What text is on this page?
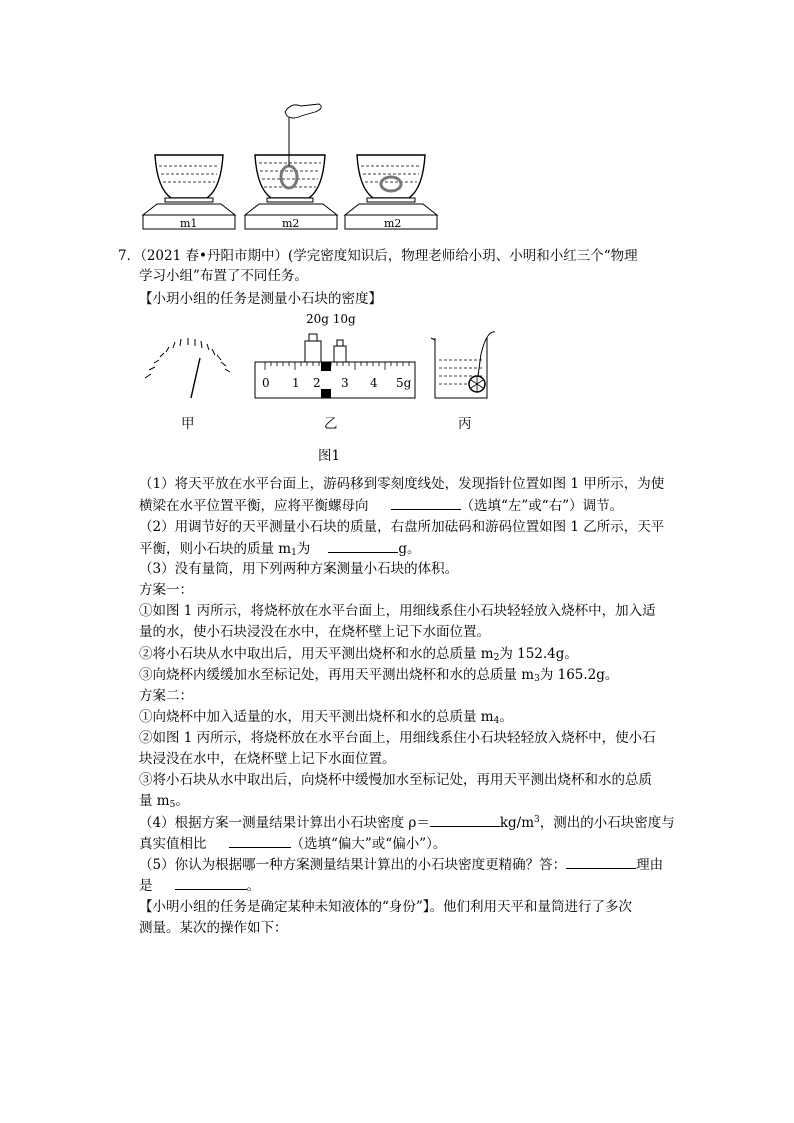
m1	m2	m2
7．（2021 春•丹阳市期中）(学完密度知识后，物理老师给小玥、小明和小红三个“物理
学习小组”布置了不同任务。
【小玥小组的任务是测量小石块的密度】
20g 10g
0 1 2 3 4 5g
甲	乙	丙
图1
（1）将天平放在水平台面上，游码移到零刻度线处，发现指针位置如图 1 甲所示，为使
横梁在水平位置平衡，应将平衡螺母向	（选填“左”或“右”）调节。
（2）用调节好的天平测量小石块的质量，右盘所加砝码和游码位置如图 1 乙所示，天平
平衡，则小石块的质量 $m_1$为	g。
（3）没有量筒，用下列两种方案测量小石块的体积。
方案一：
①如图 1 丙所示，将烧杯放在水平台面上，用细线系住小石块轻轻放入烧杯中，加入适
量的水，使小石块浸没在水中，在烧杯壁上记下水面位置。
②将小石块从水中取出后，用天平测出烧杯和水的总质量 $m_2$为 152.4g。
③向烧杯内缓缓加水至标记处，再用天平测出烧杯和水的总质量 $m_3$为 165.2g。
方案二：
①向烧杯中加入适量的水，用天平测出烧杯和水的总质量 $m_4$。
②如图 1 丙所示，将烧杯放在水平台面上，用细线系住小石块轻轻放入烧杯中，使小石
块浸没在水中，在烧杯壁上记下水面位置。
③将小石块从水中取出后，向烧杯中缓慢加水至标记处，再用天平测出烧杯和水的总质
量 $m_5$。
（4）根据方案一测量结果计算出小石块密度 ρ＝	$kg/m^3$，测出的小石块密度与
真实值相比	（选填“偏大”或“偏小”）。
（5）你认为根据哪一种方案测量结果计算出的小石块密度更精确？答：	理由
是	。
【小明小组的任务是确定某种未知液体的“身份”】。他们利用天平和量筒进行了多次
测量。某次的操作如下：
